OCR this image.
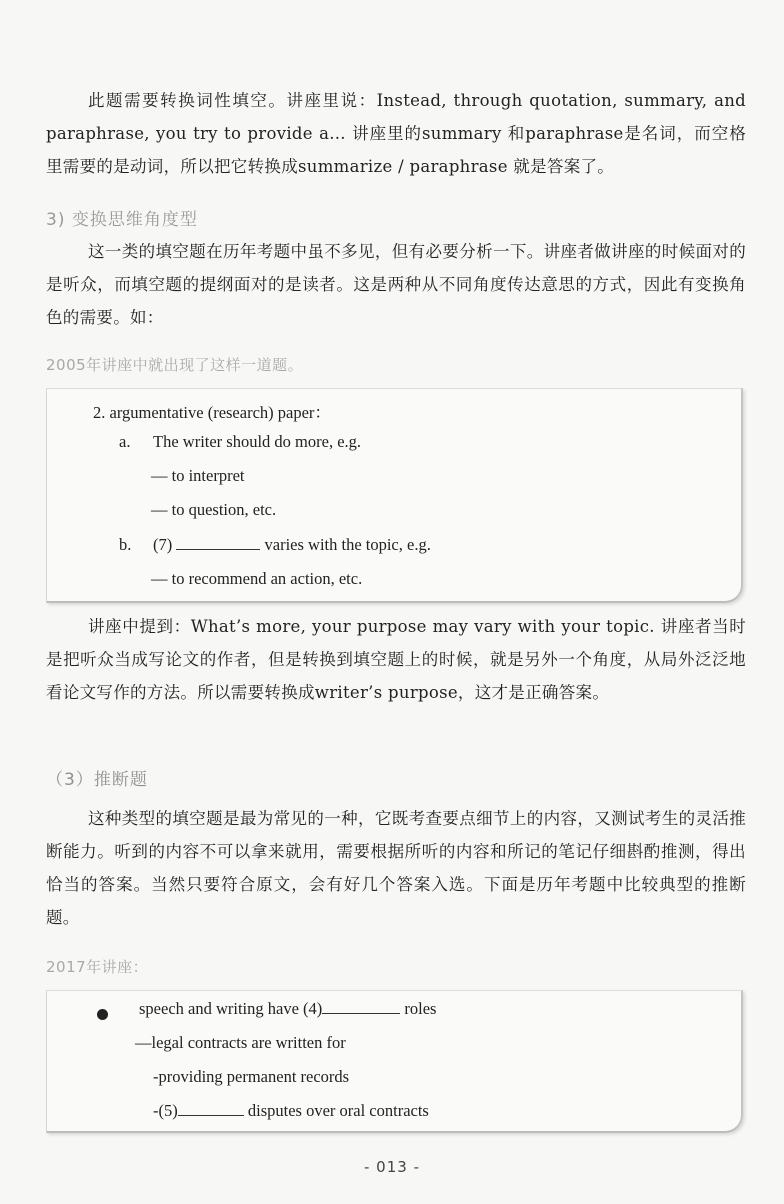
此题需要转换词性填空。讲座里说：Instead, through quotation, summary, and paraphrase, you try to provide a... 讲座里的summary 和paraphrase是名词，而空格里需要的是动词，所以把它转换成summarize / paraphrase 就是答案了。
3) 变换思维角度型
这一类的填空题在历年考题中虽不多见，但有必要分析一下。讲座者做讲座的时候面对的是听众，而填空题的提纲面对的是读者。这是两种从不同角度传达意思的方式，因此有变换角色的需要。如：
2005年讲座中就出现了这样一道题。
2. argumentative (research) paper：
a. The writer should do more, e.g.
— to interpret
— to question, etc.
b. (7)	varies with the topic, e.g.
— to recommend an action, etc.
讲座中提到：What’s more, your purpose may vary with your topic. 讲座者当时是把听众当成写论文的作者，但是转换到填空题上的时候，就是另外一个角度，从局外泛泛地看论文写作的方法。所以需要转换成writer’s purpose，这才是正确答案。
（3）推断题
这种类型的填空题是最为常见的一种，它既考查要点细节上的内容，又测试考生的灵活推断能力。听到的内容不可以拿来就用，需要根据所听的内容和所记的笔记仔细斟酌推测，得出恰当的答案。当然只要符合原文，会有好几个答案入选。下面是历年考题中比较典型的推断题。
2017年讲座：
speech and writing have (4)	roles
—legal contracts are written for
-providing permanent records
-(5)	disputes over oral contracts
- 013 -
